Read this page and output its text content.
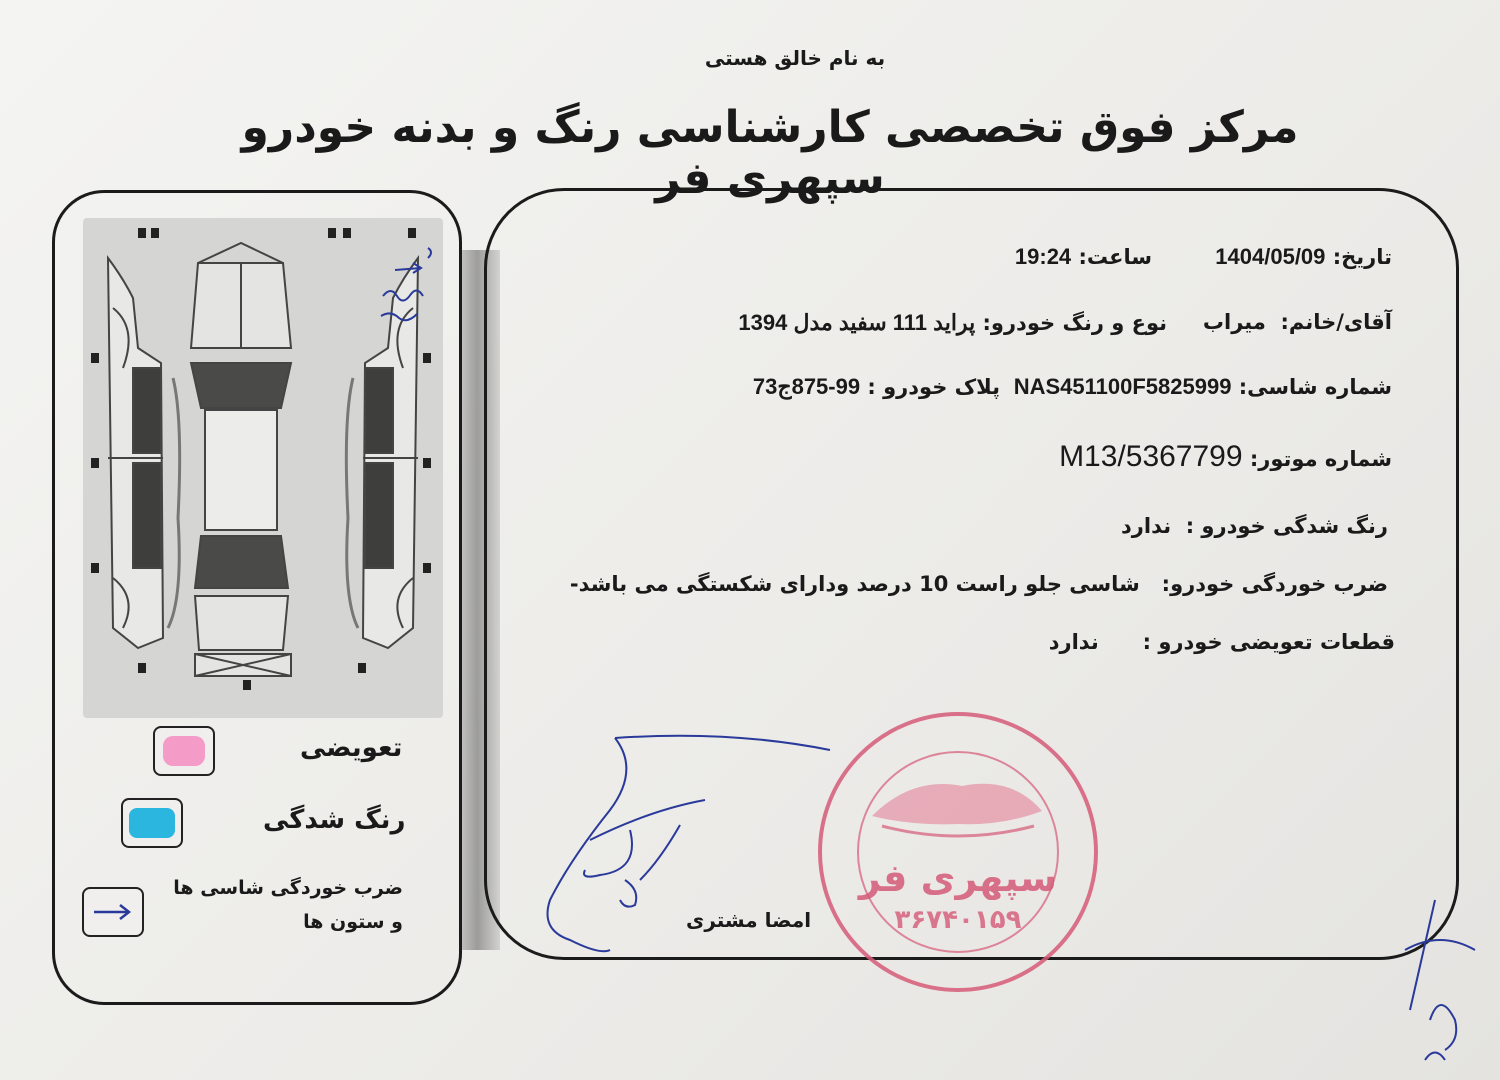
به نام خالق هستی
مرکز فوق تخصصی کارشناسی رنگ و بدنه خودرو سپهری فر
تعویضی
رنگ شدگی
ضرب خوردگی شاسی ها و ستون ها
تاریخ: 1404/05/09
ساعت: 19:24
آقای/خانم:  میراب
نوع و رنگ خودرو: پراید 111 سفید مدل 1394
شماره شاسی: NAS451100F5825999
پلاک خودرو : 99-875ج73
شماره موتور: M13/5367799
رنگ شدگی خودرو :  ندارد
ضرب خوردگی خودرو:   شاسی جلو راست 10 درصد ودارای شکستگی می باشد-
قطعات تعویضی خودرو :      ندارد
امضا مشتری
سپهری فر
۳۶۷۴۰۱۵۹
